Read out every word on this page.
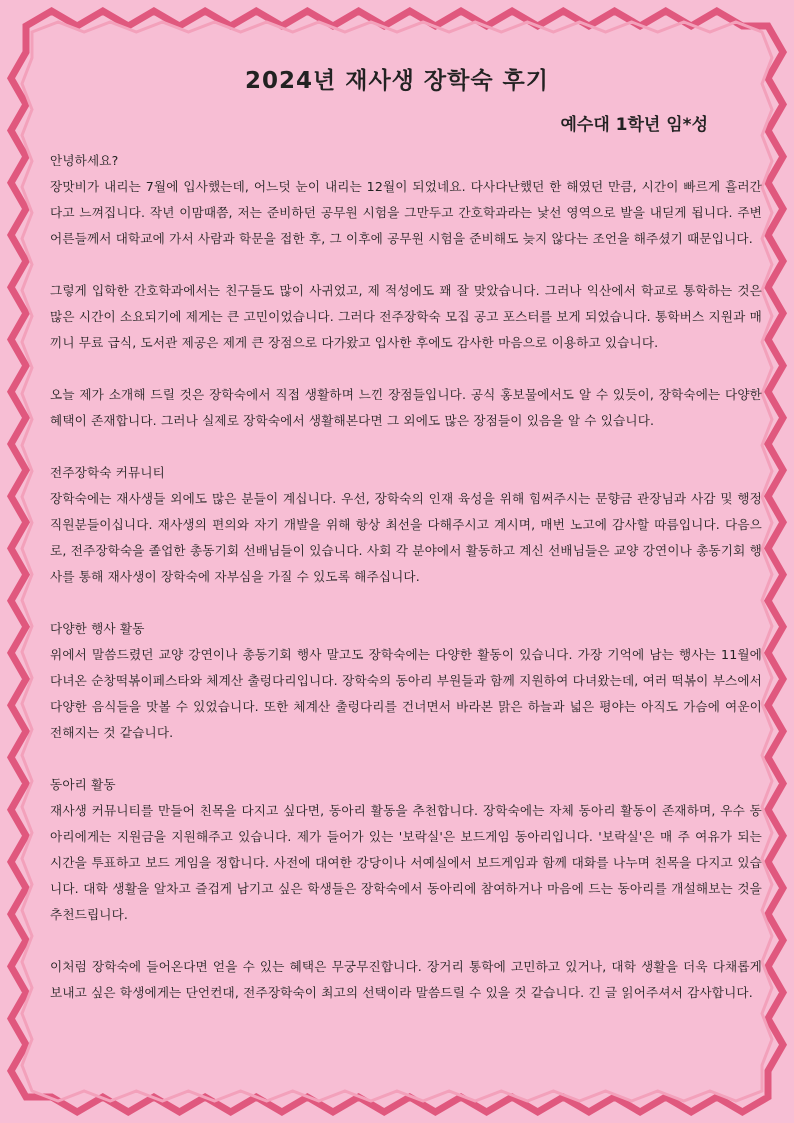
2024년 재사생 장학숙 후기
예수대 1학년 임*성

안녕하세요?

장맛비가 내리는 7월에 입사했는데, 어느덧 눈이 내리는 12월이 되었네요. 다사다난했던 한 해였던 만큼, 시간이 빠르게 흘러간다고 느껴집니다. 작년 이맘때쯤, 저는 준비하던 공무원 시험을 그만두고 간호학과라는 낯선 영역으로 발을 내딛게 됩니다. 주변 어른들께서 대학교에 가서 사람과 학문을 접한 후, 그 이후에 공무원 시험을 준비해도 늦지 않다는 조언을 해주셨기 때문입니다.

그렇게 입학한 간호학과에서는 친구들도 많이 사귀었고, 제 적성에도 꽤 잘 맞았습니다. 그러나 익산에서 학교로 통학하는 것은 많은 시간이 소요되기에 제게는 큰 고민이었습니다. 그러다 전주장학숙 모집 공고 포스터를 보게 되었습니다. 통학버스 지원과 매 끼니 무료 급식, 도서관 제공은 제게 큰 장점으로 다가왔고 입사한 후에도 감사한 마음으로 이용하고 있습니다.

오늘 제가 소개해 드릴 것은 장학숙에서 직접 생활하며 느낀 장점들입니다. 공식 홍보물에서도 알 수 있듯이, 장학숙에는 다양한 혜택이 존재합니다. 그러나 실제로 장학숙에서 생활해본다면 그 외에도 많은 장점들이 있음을 알 수 있습니다.

전주장학숙 커뮤니티

장학숙에는 재사생들 외에도 많은 분들이 계십니다. 우선, 장학숙의 인재 육성을 위해 힘써주시는 문향금 관장님과 사감 및 행정 직원분들이십니다. 재사생의 편의와 자기 개발을 위해 항상 최선을 다해주시고 계시며, 매번 노고에 감사할 따름입니다. 다음으로, 전주장학숙을 졸업한 총동기회 선배님들이 있습니다. 사회 각 분야에서 활동하고 계신 선배님들은 교양 강연이나 총동기회 행사를 통해 재사생이 장학숙에 자부심을 가질 수 있도록 해주십니다.

다양한 행사 활동

위에서 말씀드렸던 교양 강연이나 총동기회 행사 말고도 장학숙에는 다양한 활동이 있습니다. 가장 기억에 남는 행사는 11월에 다녀온 순창떡볶이페스타와 체계산 출렁다리입니다. 장학숙의 동아리 부원들과 함께 지원하여 다녀왔는데, 여러 떡볶이 부스에서 다양한 음식들을 맛볼 수 있었습니다. 또한 체계산 출렁다리를 건너면서 바라본 맑은 하늘과 넓은 평야는 아직도 가슴에 여운이 전해지는 것 같습니다.

동아리 활동

재사생 커뮤니티를 만들어 친목을 다지고 싶다면, 동아리 활동을 추천합니다. 장학숙에는 자체 동아리 활동이 존재하며, 우수 동아리에게는 지원금을 지원해주고 있습니다. 제가 들어가 있는 '보락실'은 보드게임 동아리입니다. '보락실'은 매 주 여유가 되는 시간을 투표하고 보드 게임을 정합니다. 사전에 대여한 강당이나 서예실에서 보드게임과 함께 대화를 나누며 친목을 다지고 있습니다. 대학 생활을 알차고 즐겁게 남기고 싶은 학생들은 장학숙에서 동아리에 참여하거나 마음에 드는 동아리를 개설해보는 것을 추천드립니다.

이처럼 장학숙에 들어온다면 얻을 수 있는 혜택은 무궁무진합니다. 장거리 통학에 고민하고 있거나, 대학 생활을 더욱 다채롭게 보내고 싶은 학생에게는 단언컨대, 전주장학숙이 최고의 선택이라 말씀드릴 수 있을 것 같습니다. 긴 글 읽어주셔서 감사합니다.
